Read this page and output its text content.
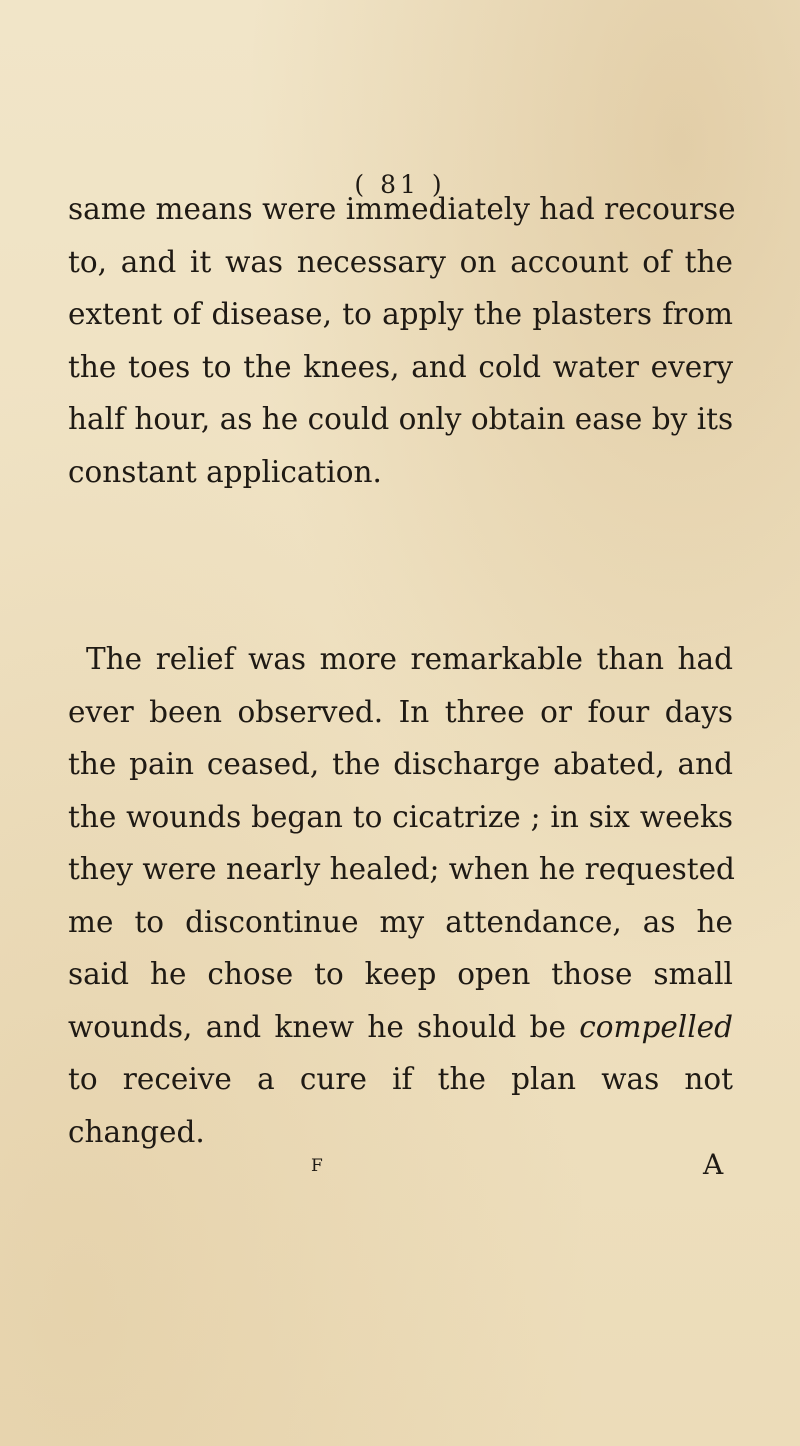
( 81 )
same means were immediately had recourse
to, and it was necessary on account of the
extent of disease, to apply the plasters from
the toes to the knees, and cold water every
half hour, as he could only obtain ease by its
constant application.
The relief was more remarkable than had
ever been observed. In three or four days
the pain ceased, the discharge abated, and
the wounds began to cicatrize ; in six weeks
they were nearly healed; when he requested
me to discontinue my attendance, as he
said he chose to keep open those small
wounds, and knew he should be compelled
to receive a cure if the plan was not
changed.
F	A
